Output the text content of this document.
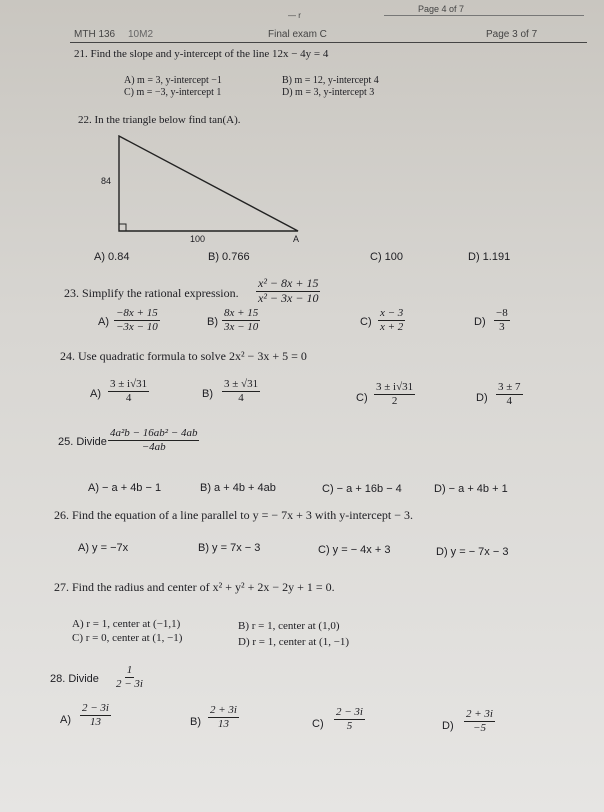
Page 4 of 7
— r
MTH 136 10M2	Final exam C	Page 3 of 7
21. Find the slope and y-intercept of the line 12x − 4y = 4
A) m = 3, y-intercept −1	B) m = 12, y-intercept 4
C) m = −3, y-intercept 1	D) m = 3, y-intercept 3
22. In the triangle below find tan(A).
84
100	A
A) 0.84	B) 0.766	C) 100	D) 1.191
23. Simplify the rational expression. $\frac{\text{x² − 8x + 15}}{\text{x² − 3x − 10}}$
$A) \frac{-8x + 15}{-3x - 10}$	$B) \frac{8x + 15}{3x - 10}$	$C) \frac{x - 3}{x + 2}$	$D) \frac{-8}{3}$
24. Use quadratic formula to solve 2x² − 3x + 5 = 0
$A) \frac{3 \pm i√31}{4}$	$B) \frac{3 \pm √31}{4}$	$C) \frac{3 \pm i√31}{2}$	$D) \frac{3 \pm 7}{4}$
25. Divide $\frac{\text{4a²b − 16ab² − 4ab}}{-4ab}$
A) − a + 4b − 1	B) a + 4b + 4ab	C) − a + 16b − 4	D) − a + 4b + 1
26. Find the equation of a line parallel to y = − 7x + 3 with y-intercept − 3.
A) y = −7x	B) y = 7x − 3	C) y = − 4x + 3	D) y = − 7x − 3
27. Find the radius and center of x² + y² + 2x − 2y + 1 = 0.
A) r = 1, center at (−1,1)	B) r = 1, center at (1,0)
C) r = 0, center at (1, −1)	D) r = 1, center at (1, −1)
28. Divide $\frac{1}{2 - 3i}$
$A) \frac{2 - 3i}{13}$	$B) \frac{2 + 3i}{13}$	$C) \frac{2 - 3i}{5}$	$D) \frac{2 + 3i}{-5}$
